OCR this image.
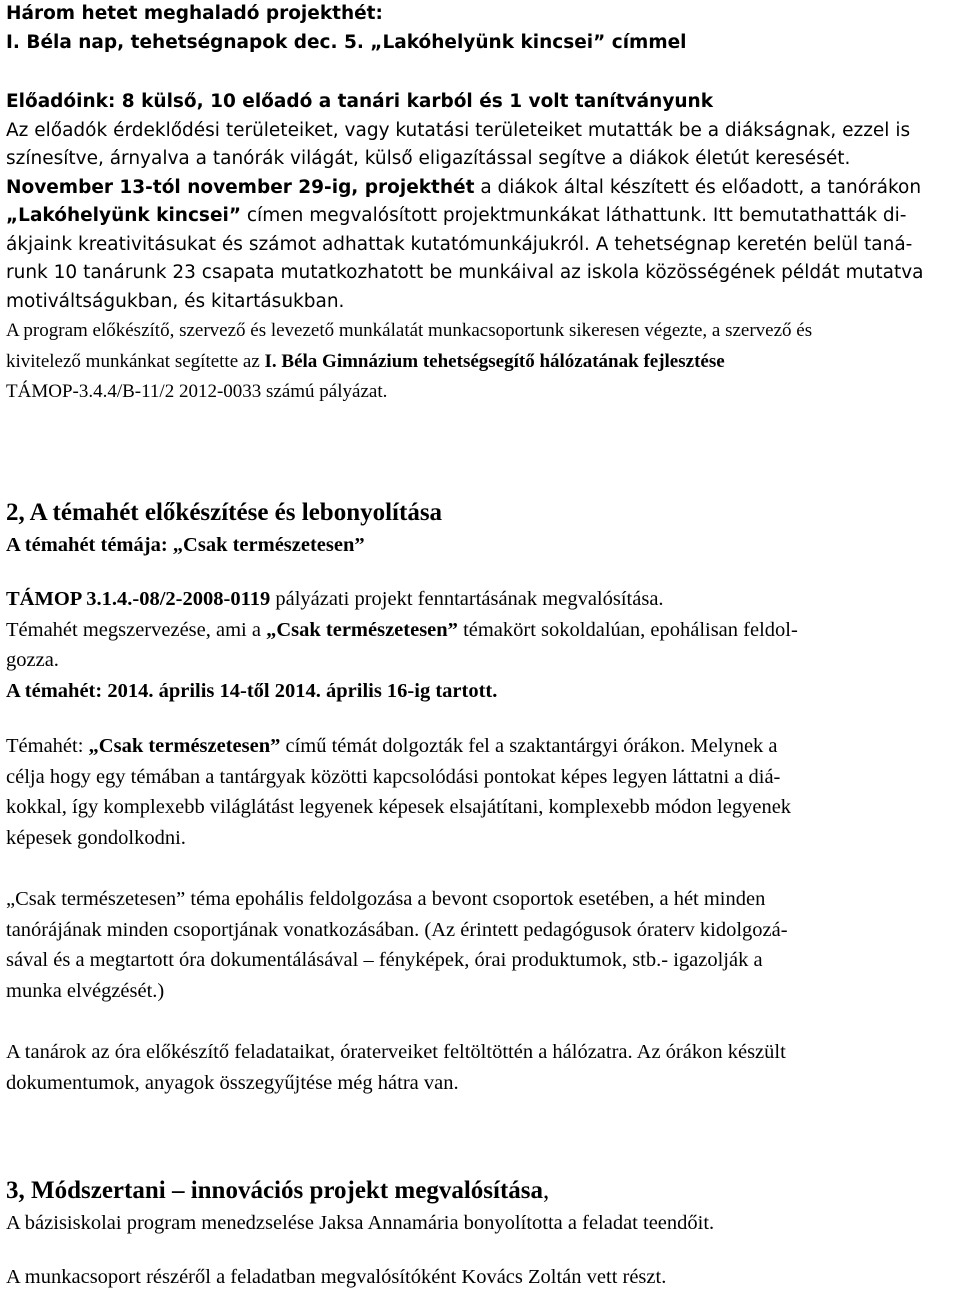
Három hetet meghaladó projekthét:
I. Béla nap, tehetségnapok dec. 5. „Lakóhelyünk kincsei” címmel
Előadóink: 8 külső, 10 előadó a tanári karból és 1 volt tanítványunk
Az előadók érdeklődési területeiket, vagy kutatási területeiket mutatták be a diákságnak, ezzel is
színesítve, árnyalva a tanórák világát, külső eligazítással segítve a diákok életút keresését.
November 13-tól november 29-ig, projekthét a diákok által készített és előadott, a tanórákon
„Lakóhelyünk kincsei” címen megvalósított projektmunkákat láthattunk. Itt bemutathatták di-
ákjaink kreativitásukat és számot adhattak kutatómunkájukról. A tehetségnap keretén belül taná-
runk 10 tanárunk 23 csapata mutatkozhatott be munkáival az iskola közösségének példát mutatva
motiváltságukban, és kitartásukban.
A program előkészítő, szervező és levezető munkálatát munkacsoportunk sikeresen végezte, a szervező és
kivitelező munkánkat segítette az I. Béla Gimnázium tehetségsegítő hálózatának fejlesztése
TÁMOP-3.4.4/B-11/2 2012-0033 számú pályázat.
2, A témahét előkészítése és lebonyolítása
A témahét témája: „Csak természetesen”
TÁMOP 3.1.4.-08/2-2008-0119 pályázati projekt fenntartásának megvalósítása.
Témahét megszervezése, ami a „Csak természetesen” témakört sokoldalúan, epohálisan feldol-
gozza.
A témahét: 2014. április 14-től 2014. április 16-ig tartott.
Témahét: „Csak természetesen” című témát dolgozták fel a szaktantárgyi órákon. Melynek a
célja hogy egy témában a tantárgyak közötti kapcsolódási pontokat képes legyen láttatni a diá-
kokkal, így komplexebb világlátást legyenek képesek elsajátítani, komplexebb módon legyenek
képesek gondolkodni.
„Csak természetesen” téma epohális feldolgozása a bevont csoportok esetében, a hét minden
tanórájának minden csoportjának vonatkozásában. (Az érintett pedagógusok óraterv kidolgozá-
sával és a megtartott óra dokumentálásával – fényképek, órai produktumok, stb.- igazolják a
munka elvégzését.)
A tanárok az óra előkészítő feladataikat, óraterveiket feltöltöttén a hálózatra. Az órákon készült
dokumentumok, anyagok összegyűjtése még hátra van.
3, Módszertani – innovációs projekt megvalósítása,
A bázisiskolai program menedzselése Jaksa Annamária bonyolította a feladat teendőit.
A munkacsoport részéről a feladatban megvalósítóként Kovács Zoltán vett részt.
